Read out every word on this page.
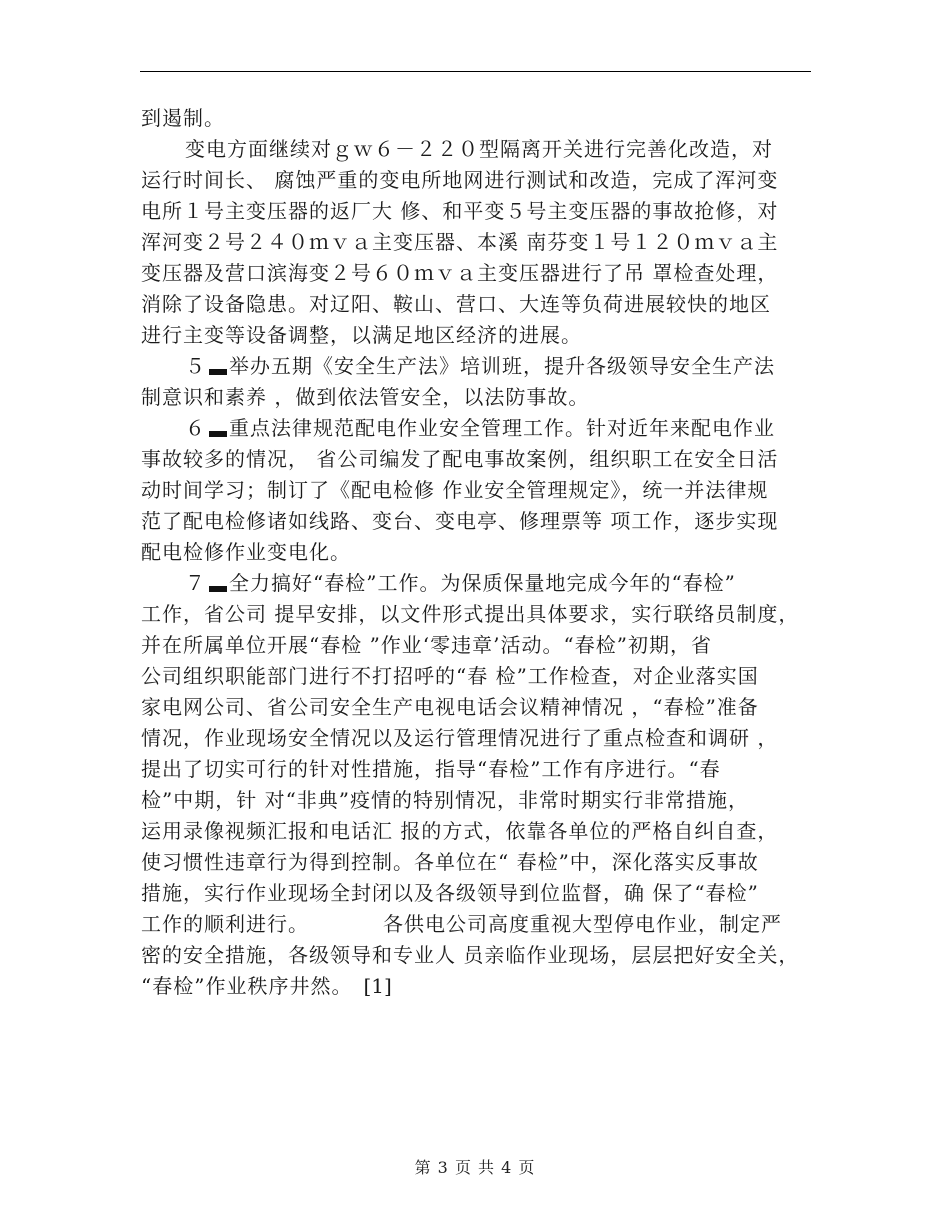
到遏制。
变电方面继续对ｇｗ６－２２０型隔离开关进行完善化改造，对
运行时间长、 腐蚀严重的变电所地网进行测试和改造，完成了浑河变
电所１号主变压器的返厂大 修、和平变５号主变压器的事故抢修，对
浑河变２号２４０ｍｖａ主变压器、本溪 南芬变１号１２０ｍｖａ主
变压器及营口滨海变２号６０ｍｖａ主变压器进行了吊 罩检查处理，
消除了设备隐患。对辽阳、鞍山、营口、大连等负荷进展较快的地区
进行主变等设备调整，以满足地区经济的进展。
５ 举办五期《安全生产法》培训班，提升各级领导安全生产法
制意识和素养 ，做到依法管安全，以法防事故。
６ 重点法律规范配电作业安全管理工作。针对近年来配电作业
事故较多的情况， 省公司编发了配电事故案例，组织职工在安全日活
动时间学习；制订了《配电检修 作业安全管理规定》，统一并法律规
范了配电检修诸如线路、变台、变电亭、修理票等 项工作，逐步实现
配电检修作业变电化。
７ 全力搞好“春检”工作。为保质保量地完成今年的“春检”
工作，省公司 提早安排，以文件形式提出具体要求，实行联络员制度，
并在所属单位开展“春检 ”作业‘零违章’活动。“春检”初期，省
公司组织职能部门进行不打招呼的“春 检”工作检查，对企业落实国
家电网公司、省公司安全生产电视电话会议精神情况 ，“春检”准备
情况，作业现场安全情况以及运行管理情况进行了重点检查和调研 ，
提出了切实可行的针对性措施，指导“春检”工作有序进行。“春
检”中期，针 对“非典”疫情的特别情况，非常时期实行非常措施，
运用录像视频汇报和电话汇 报的方式，依靠各单位的严格自纠自查，
使习惯性违章行为得到控制。各单位在“ 春检”中，深化落实反事故
措施，实行作业现场全封闭以及各级领导到位监督，确 保了“春检”
工作的顺利进行。　　　　各供电公司高度重视大型停电作业，制定严
密的安全措施，各级领导和专业人 员亲临作业现场，层层把好安全关，
“春检”作业秩序井然。　[1]
第 3 页 共 4 页
